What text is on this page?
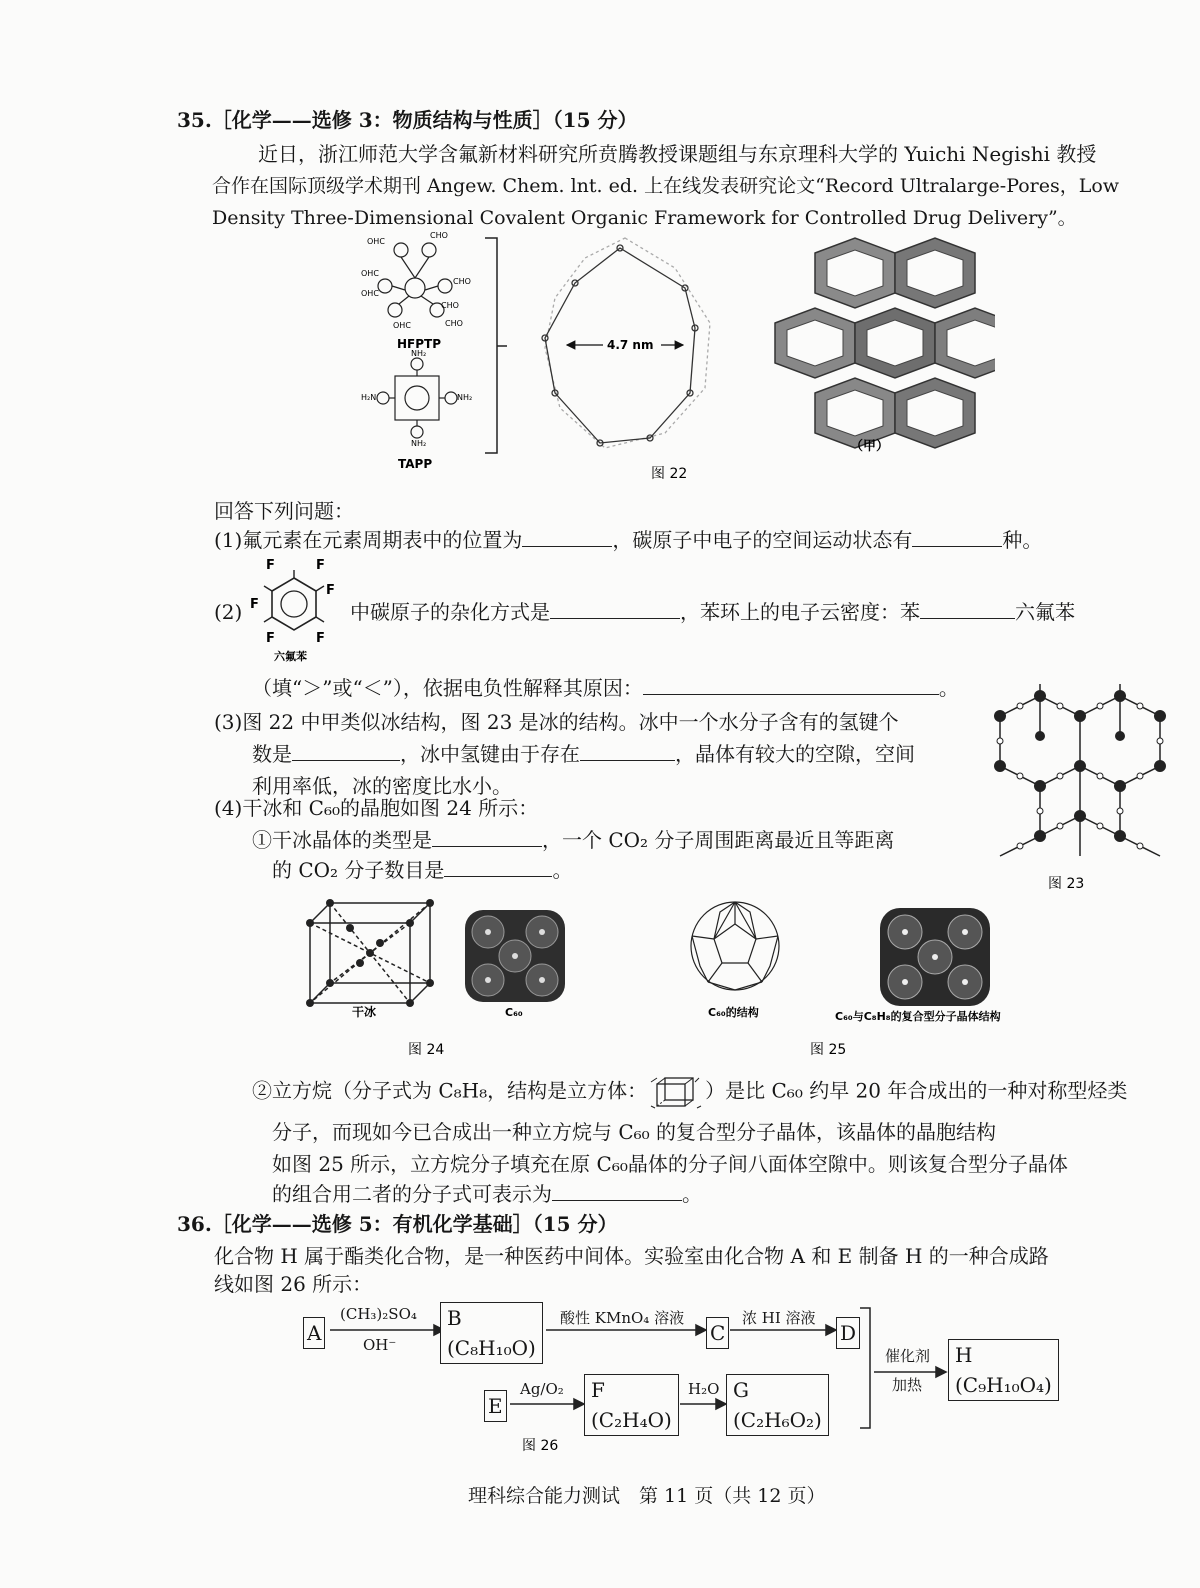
35.［化学——选修 3：物质结构与性质］（15 分）
近日，浙江师范大学含氟新材料研究所贲腾教授课题组与东京理科大学的 Yuichi Negishi 教授
合作在国际顶级学术期刊 Angew. Chem. lnt. ed. 上在线发表研究论文“Record Ultralarge-Pores，Low
Density Three-Dimensional Covalent Organic Framework for Controlled Drug Delivery”。
OHC
CHO
OHC
CHO
OHC
CHO
OHC	CHO
HFPTP
NH₂
H₂N	NH₂
NH₂
TAPP
4.7 nm
（甲）
图 22
回答下列问题：
(1)氟元素在元素周期表中的位置为	，碳原子中电子的空间运动状态有	种。
(2)
F	F
F
F
F	F
六氟苯
中碳原子的杂化方式是	，苯环上的电子云密度：苯	六氟苯
（填“＞”或“＜”），依据电负性解释其原因：	。
(3)图 22 中甲类似冰结构，图 23 是冰的结构。冰中一个水分子含有的氢键个
数是	，冰中氢键由于存在	，晶体有较大的空隙，空间
利用率低，冰的密度比水小。
图 23
(4)干冰和 C₆₀的晶胞如图 24 所示：
①干冰晶体的类型是	，一个 CO₂ 分子周围距离最近且等距离
的 CO₂ 分子数目是	。
干冰	C₆₀
图 24
C₆₀的结构	C₆₀与C₈H₈的复合型分子晶体结构
图 25
②立方烷（分子式为 C₈H₈，结构是立方体：	）是比 C₆₀ 约早 20 年合成出的一种对称型烃类
分子，而现如今已合成出一种立方烷与 C₆₀ 的复合型分子晶体，该晶体的晶胞结构
如图 25 所示，立方烷分子填充在原 C₆₀晶体的分子间八面体空隙中。则该复合型分子晶体
的组合用二者的分子式可表示为	。
36.［化学——选修 5：有机化学基础］（15 分）
化合物 H 属于酯类化合物，是一种医药中间体。实验室由化合物 A 和 E 制备 H 的一种合成路
线如图 26 所示：
图 26
A
(CH₃)₂SO₄
OH⁻
B
(C₈H₁₀O)
酸性 KMnO₄ 溶液
C
浓 HI 溶液
D
E
Ag/O₂ F
(C₂H₄O)
H₂O G
(C₂H₆O₂)
催化剂
加热
H
(C₉H₁₀O₄)
理科综合能力测试　第 11 页（共 12 页）
